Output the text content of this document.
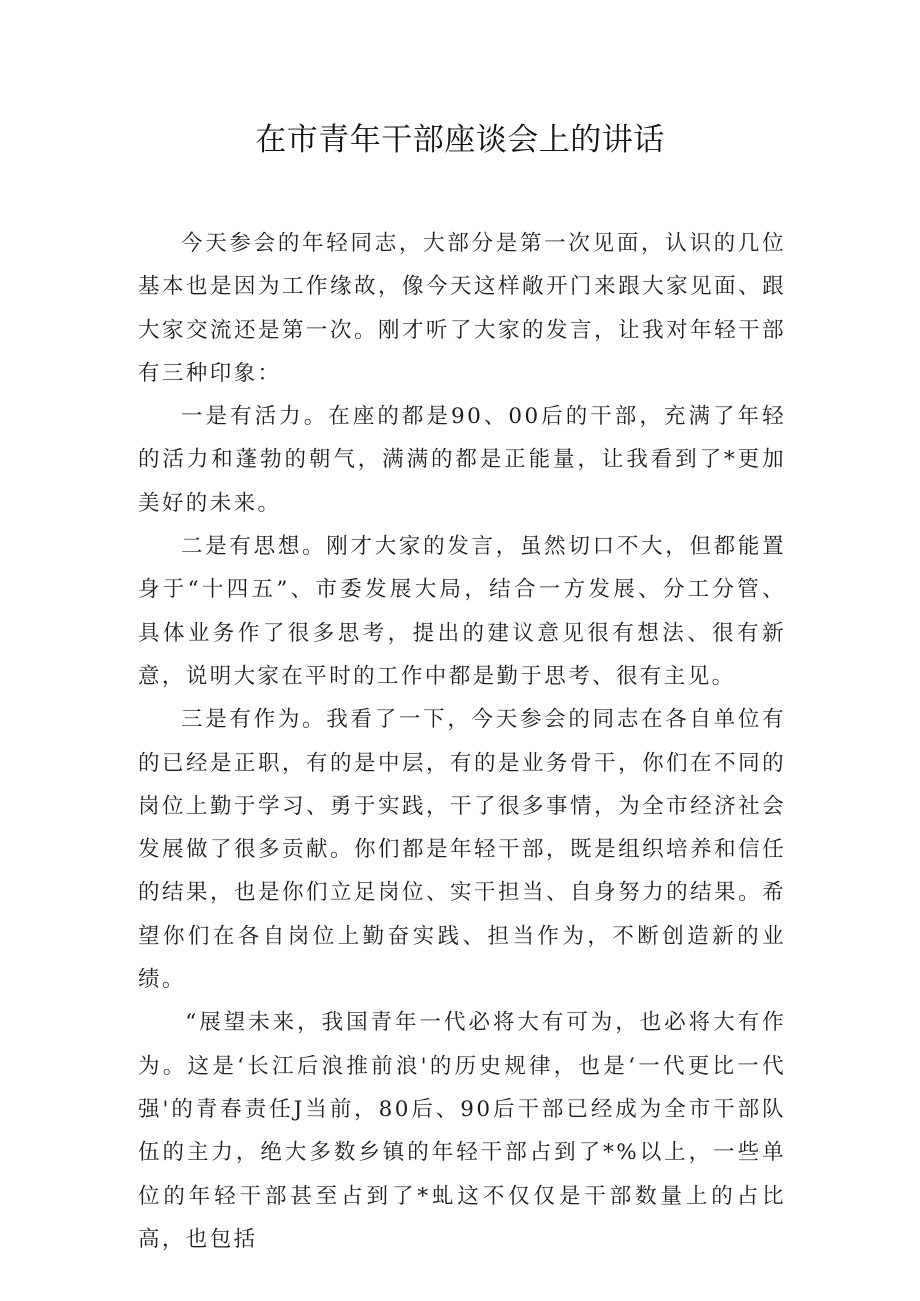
在市青年干部座谈会上的讲话

今天参会的年轻同志，大部分是第一次见面，认识的几位基本也是因为工作缘故，像今天这样敞开门来跟大家见面、跟大家交流还是第一次。刚才听了大家的发言，让我对年轻干部有三种印象：

一是有活力。在座的都是90、00后的干部，充满了年轻的活力和蓬勃的朝气，满满的都是正能量，让我看到了*更加美好的未来。

二是有思想。刚才大家的发言，虽然切口不大，但都能置身于“十四五”、市委发展大局，结合一方发展、分工分管、具体业务作了很多思考，提出的建议意见很有想法、很有新意，说明大家在平时的工作中都是勤于思考、很有主见。

三是有作为。我看了一下，今天参会的同志在各自单位有的已经是正职，有的是中层，有的是业务骨干，你们在不同的岗位上勤于学习、勇于实践，干了很多事情，为全市经济社会发展做了很多贡献。你们都是年轻干部，既是组织培养和信任的结果，也是你们立足岗位、实干担当、自身努力的结果。希望你们在各自岗位上勤奋实践、担当作为，不断创造新的业绩。

“展望未来，我国青年一代必将大有可为，也必将大有作为。这是‘长江后浪推前浪'的历史规律，也是‘一代更比一代强'的青春责任J当前，80后、90后干部已经成为全市干部队伍的主力，绝大多数乡镇的年轻干部占到了*%以上，一些单位的年轻干部甚至占到了*虬这不仅仅是干部数量上的占比高，也包括
